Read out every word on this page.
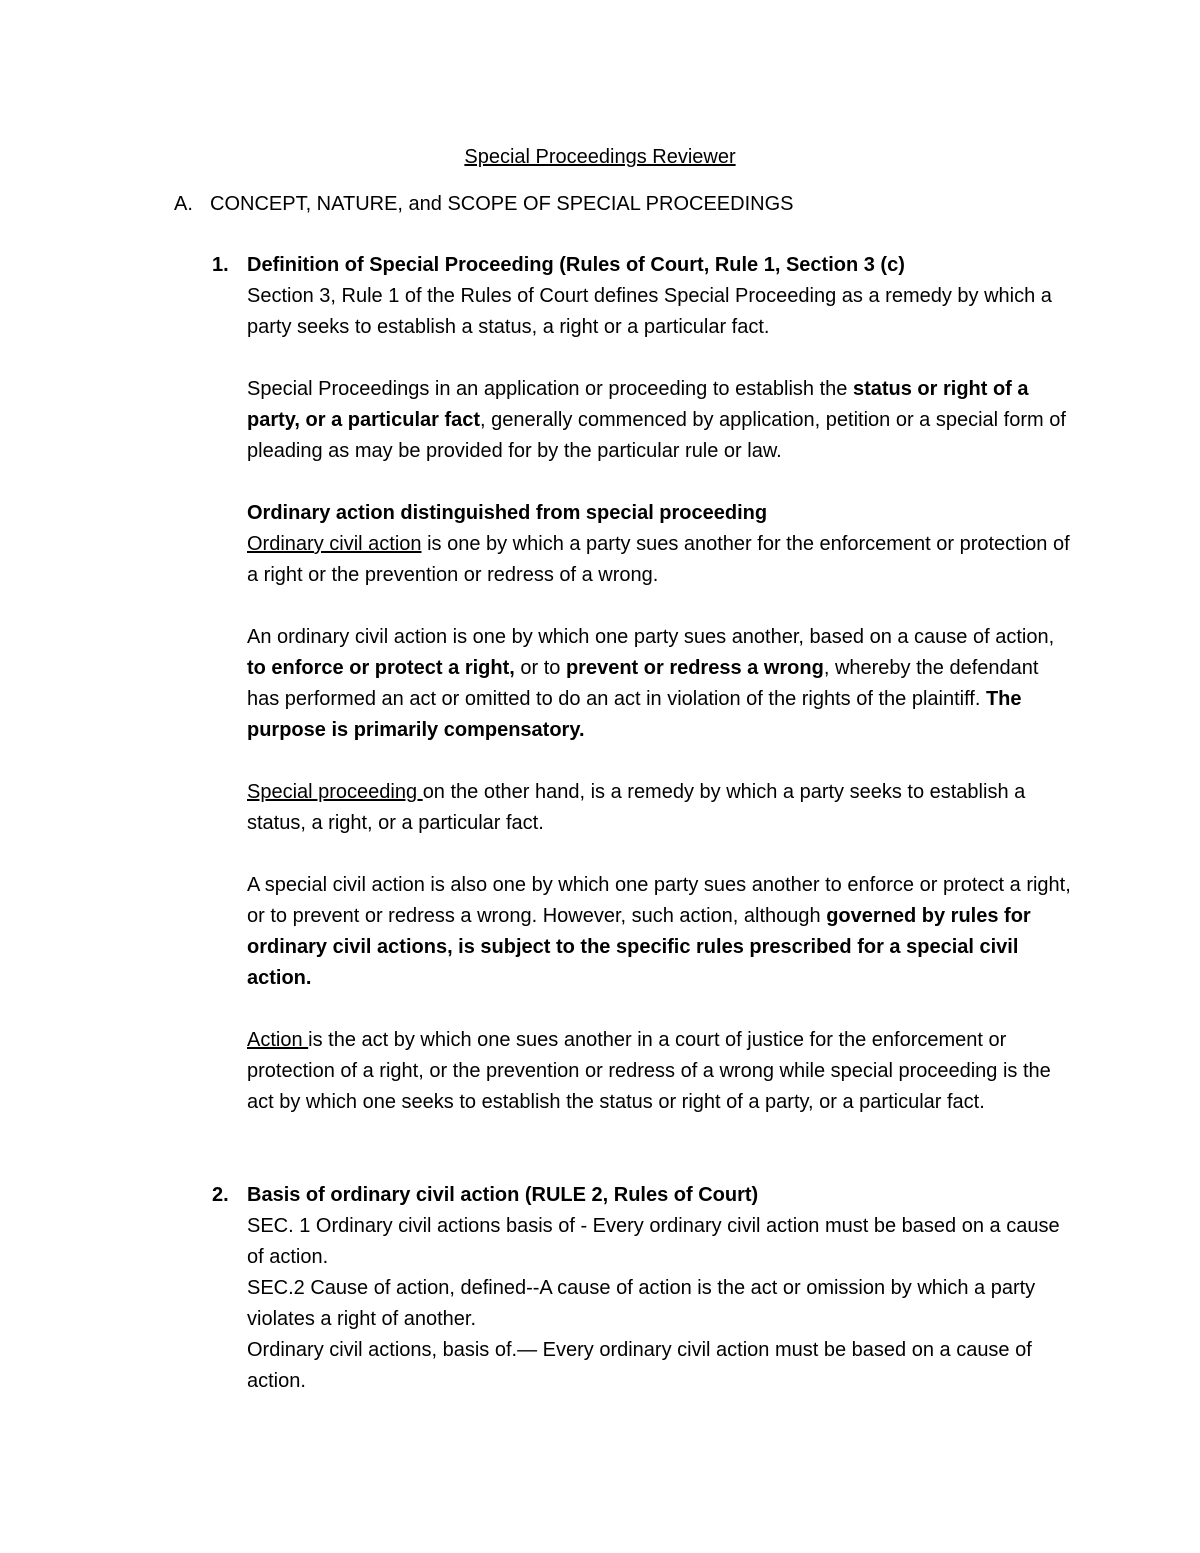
Special Proceedings Reviewer
A. CONCEPT, NATURE, and SCOPE OF SPECIAL PROCEEDINGS
1. Definition of Special Proceeding (Rules of Court, Rule 1, Section 3 (c)

Section 3, Rule 1 of the Rules of Court defines Special Proceeding as a remedy by which a party seeks to establish a status, a right or a particular fact.

Special Proceedings in an application or proceeding to establish the status or right of a party, or a particular fact, generally commenced by application, petition or a special form of pleading as may be provided for by the particular rule or law.

Ordinary action distinguished from special proceeding

Ordinary civil action is one by which a party sues another for the enforcement or protection of a right or the prevention or redress of a wrong.

An ordinary civil action is one by which one party sues another, based on a cause of action, to enforce or protect a right, or to prevent or redress a wrong, whereby the defendant has performed an act or omitted to do an act in violation of the rights of the plaintiff. The purpose is primarily compensatory.

Special proceeding on the other hand, is a remedy by which a party seeks to establish a status, a right, or a particular fact.

A special civil action is also one by which one party sues another to enforce or protect a right, or to prevent or redress a wrong. However, such action, although governed by rules for ordinary civil actions, is subject to the specific rules prescribed for a special civil action.

Action is the act by which one sues another in a court of justice for the enforcement or protection of a right, or the prevention or redress of a wrong while special proceeding is the act by which one seeks to establish the status or right of a party, or a particular fact.

2. Basis of ordinary civil action (RULE 2, Rules of Court)

SEC. 1 Ordinary civil actions basis of - Every ordinary civil action must be based on a cause of action.

SEC.2 Cause of action, defined--A cause of action is the act or omission by which a party violates a right of another.

Ordinary civil actions, basis of.— Every ordinary civil action must be based on a cause of action.
